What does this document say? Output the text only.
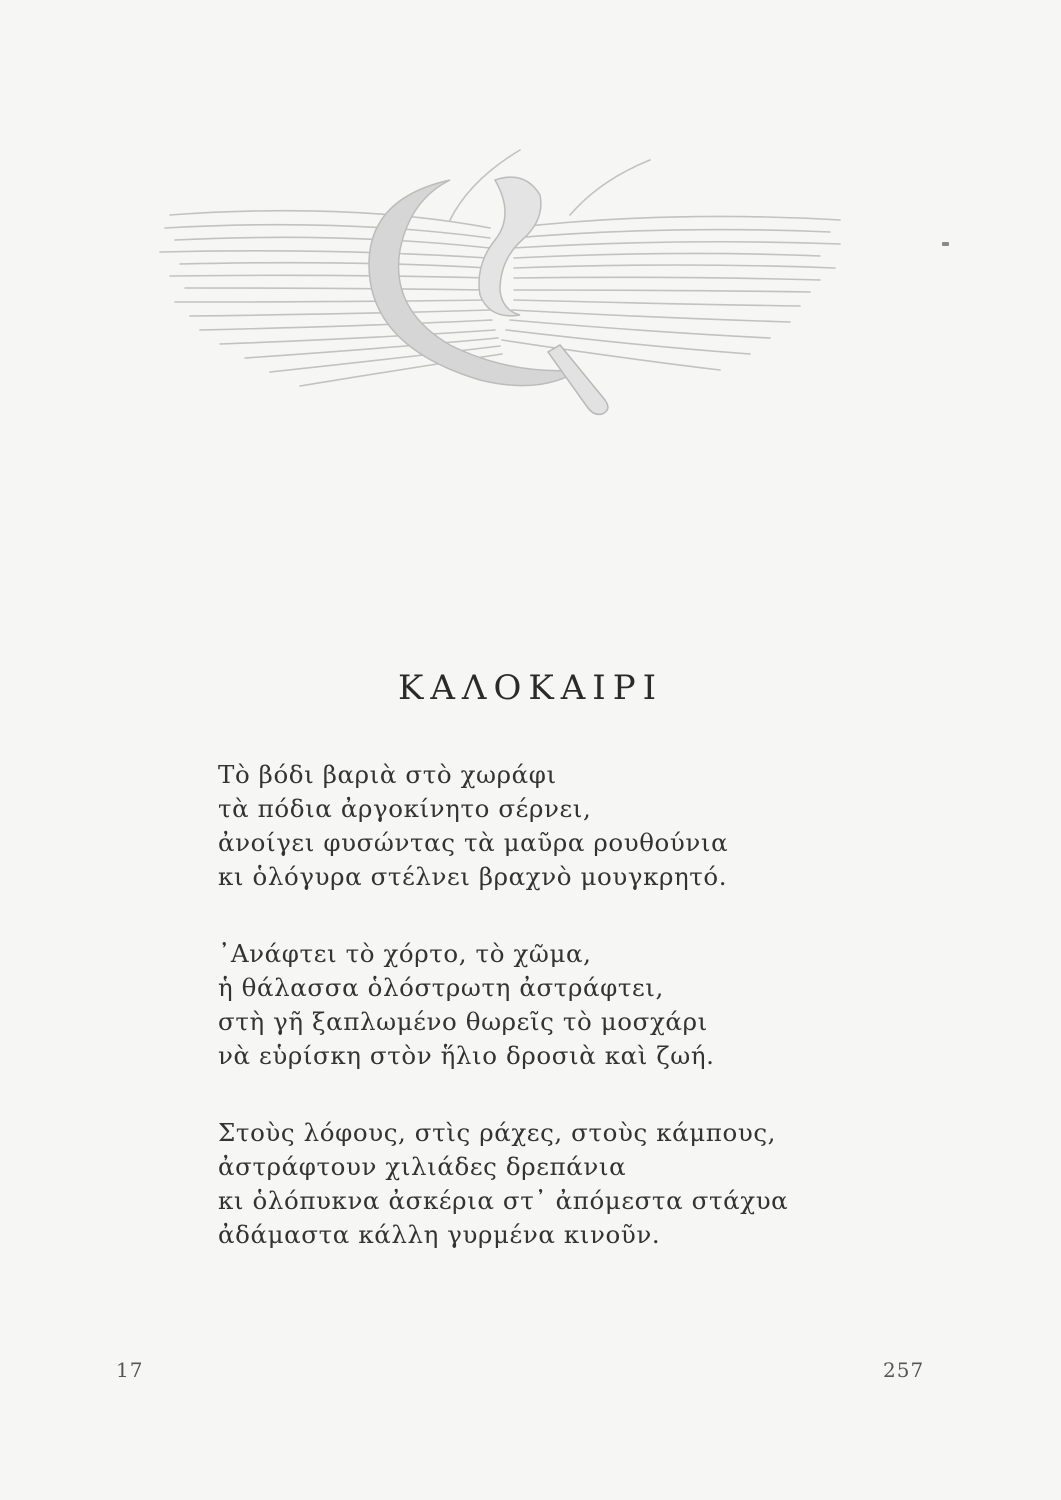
ΚΑΛΟΚΑΙΡΙ
Τὸ βόδι βαριὰ στὸ χωράφι
τὰ πόδια ἀργοκίνητο σέρνει,
ἀνοίγει φυσώντας τὰ μαῦρα ρουθούνια
κι ὁλόγυρα στέλνει βραχνὸ μουγκρητό.
᾿Ανάφτει τὸ χόρτο, τὸ χῶμα,
ἡ θάλασσα ὁλόστρωτη ἀστράφτει,
στὴ γῆ ξαπλωμένο θωρεῖς τὸ μοσχάρι
νὰ εὑρίσκη στὸν ἥλιο δροσιὰ καὶ ζωή.
Στοὺς λόφους, στὶς ράχες, στοὺς κάμπους,
ἀστράφτουν χιλιάδες δρεπάνια
κι ὁλόπυκνα ἀσκέρια στ᾿ ἀπόμεστα στάχυα
ἀδάμαστα κάλλη γυρμένα κινοῦν.
17	257
